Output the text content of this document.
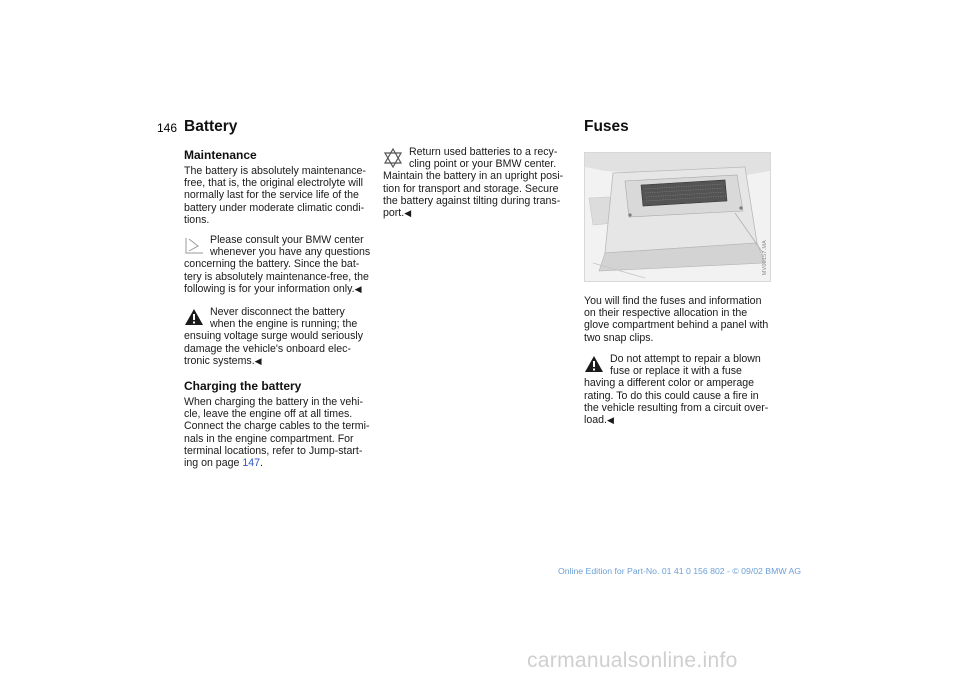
146 Battery
Maintenance
The battery is absolutely maintenance-
free, that is, the original electrolyte will
normally last for the service life of the
battery under moderate climatic condi-
tions.
Please consult your BMW center
whenever you have any questions
concerning the battery. Since the bat-
tery is absolutely maintenance-free, the
following is for your information only.◀
Never disconnect the battery
when the engine is running; the
ensuing voltage surge would seriously
damage the vehicle's onboard elec-
tronic systems.◀
Charging the battery
When charging the battery in the vehi-
cle, leave the engine off at all times.
Connect the charge cables to the termi-
nals in the engine compartment. For
terminal locations, refer to Jump-start-
ing on page 147.
Return used batteries to a recy-
cling point or your BMW center.
Maintain the battery in an upright posi-
tion for transport and storage. Secure
the battery against tilting during trans-
port.◀
Fuses
MV00157.MA
You will find the fuses and information
on their respective allocation in the
glove compartment behind a panel with
two snap clips.
Do not attempt to repair a blown
fuse or replace it with a fuse
having a different color or amperage
rating. To do this could cause a fire in
the vehicle resulting from a circuit over-
load.◀
Online Edition for Part-No. 01 41 0 156 802 - © 09/02 BMW AG
carmanualsonline.info
